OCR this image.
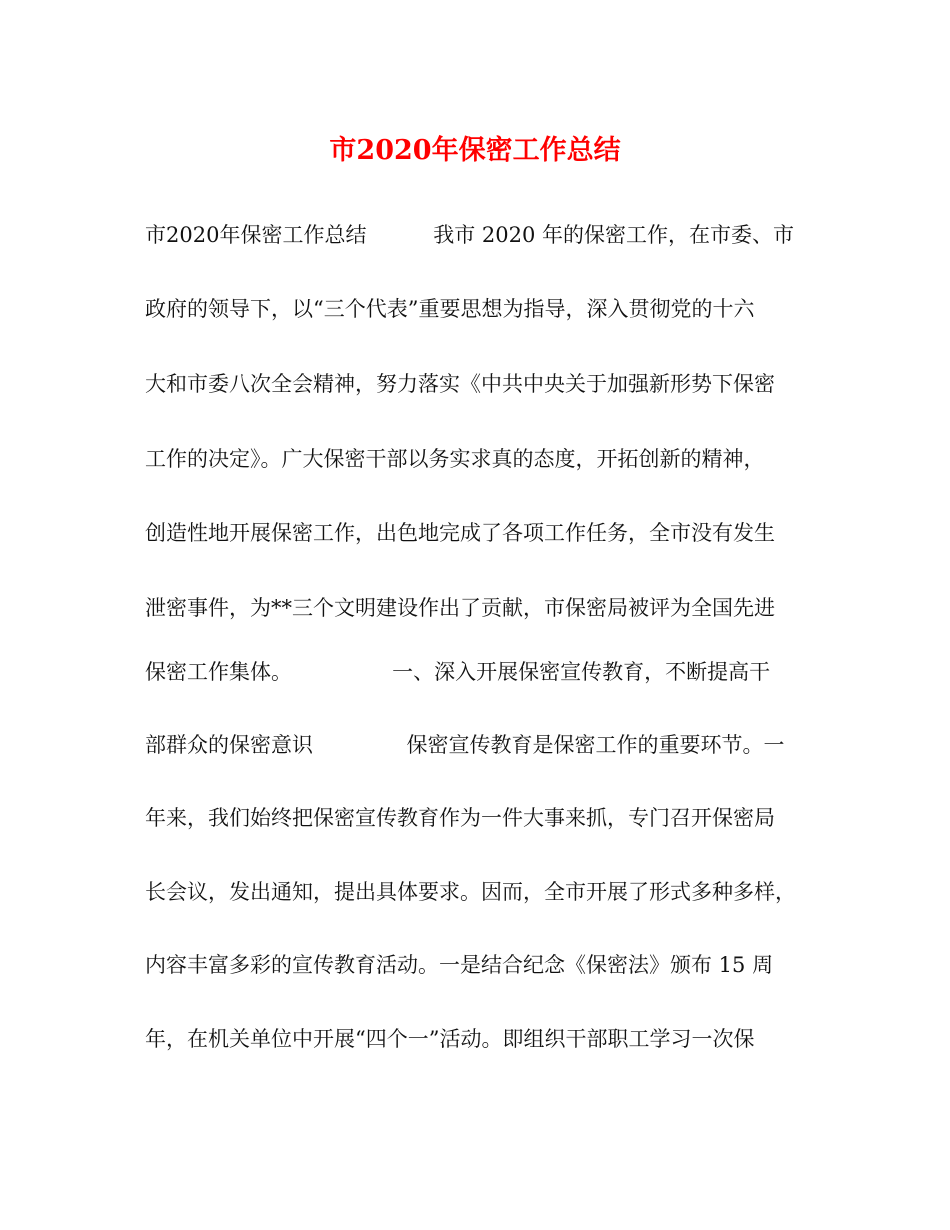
市2020年保密工作总结
市2020年保密工作总结          我市 2020 年的保密工作，在市委、市
政府的领导下，以“三个代表”重要思想为指导，深入贯彻党的十六
大和市委八次全会精神，努力落实《中共中央关于加强新形势下保密
工作的决定》。广大保密干部以务实求真的态度，开拓创新的精神，
创造性地开展保密工作，出色地完成了各项工作任务，全市没有发生
泄密事件，为**三个文明建设作出了贡献，市保密局被评为全国先进
保密工作集体。               一、深入开展保密宣传教育，不断提高干
部群众的保密意识              保密宣传教育是保密工作的重要环节。一
年来，我们始终把保密宣传教育作为一件大事来抓，专门召开保密局
长会议，发出通知，提出具体要求。因而，全市开展了形式多种多样，
内容丰富多彩的宣传教育活动。一是结合纪念《保密法》颁布 15 周
年，在机关单位中开展“四个一”活动。即组织干部职工学习一次保
